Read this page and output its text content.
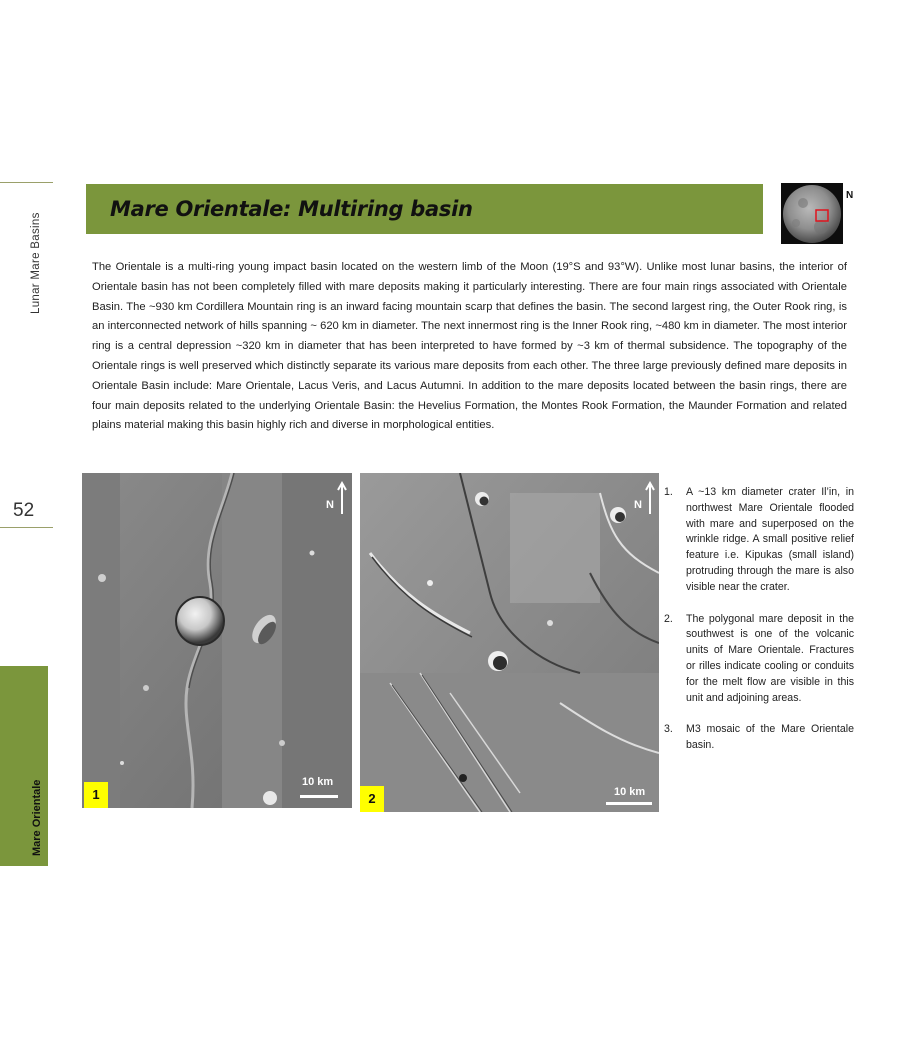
Lunar Mare Basins
52
Mare Orientale
Mare Orientale: Multiring basin
N
The Orientale is a multi-ring young impact basin located on the western limb of the Moon (19°S and 93°W). Unlike most lunar basins, the interior of Orientale basin has not been completely filled with mare deposits making it particularly interesting. There are four main rings associated with Orientale Basin. The ~930 km Cordillera Mountain ring is an inward facing mountain scarp that defines the basin. The second largest ring, the Outer Rook ring, is an interconnected network of hills spanning ~ 620 km in diameter. The next innermost ring is the Inner Rook ring, ~480 km in diameter. The most interior ring is a central depression ~320 km in diameter that has been interpreted to have formed by ~3 km of thermal subsidence. The topography of the Orientale rings is well preserved which distinctly separate its various mare deposits from each other. The three large previously defined mare deposits in Orientale Basin include: Mare Orientale, Lacus Veris, and Lacus Autumni. In addition to the mare deposits located between the basin rings, there are four main deposits related to the underlying Orientale Basin: the Hevelius Formation, the Montes Rook Formation, the Maunder Formation and related plains material making this basin highly rich and diverse in morphological entities.
N
10 km
1
N
10 km
2
1. A ~13 km diameter crater Il’in, in northwest Mare Orientale flooded with mare and superposed on the wrinkle ridge. A small positive relief feature i.e. Kipukas (small island) protruding through the mare is also visible near the crater.
2. The polygonal mare deposit in the southwest is one of the volcanic units of Mare Orientale. Fractures or rilles indicate cooling or conduits for the melt flow are visible in this unit and adjoining areas.
3. M3 mosaic of the Mare Orientale basin.
